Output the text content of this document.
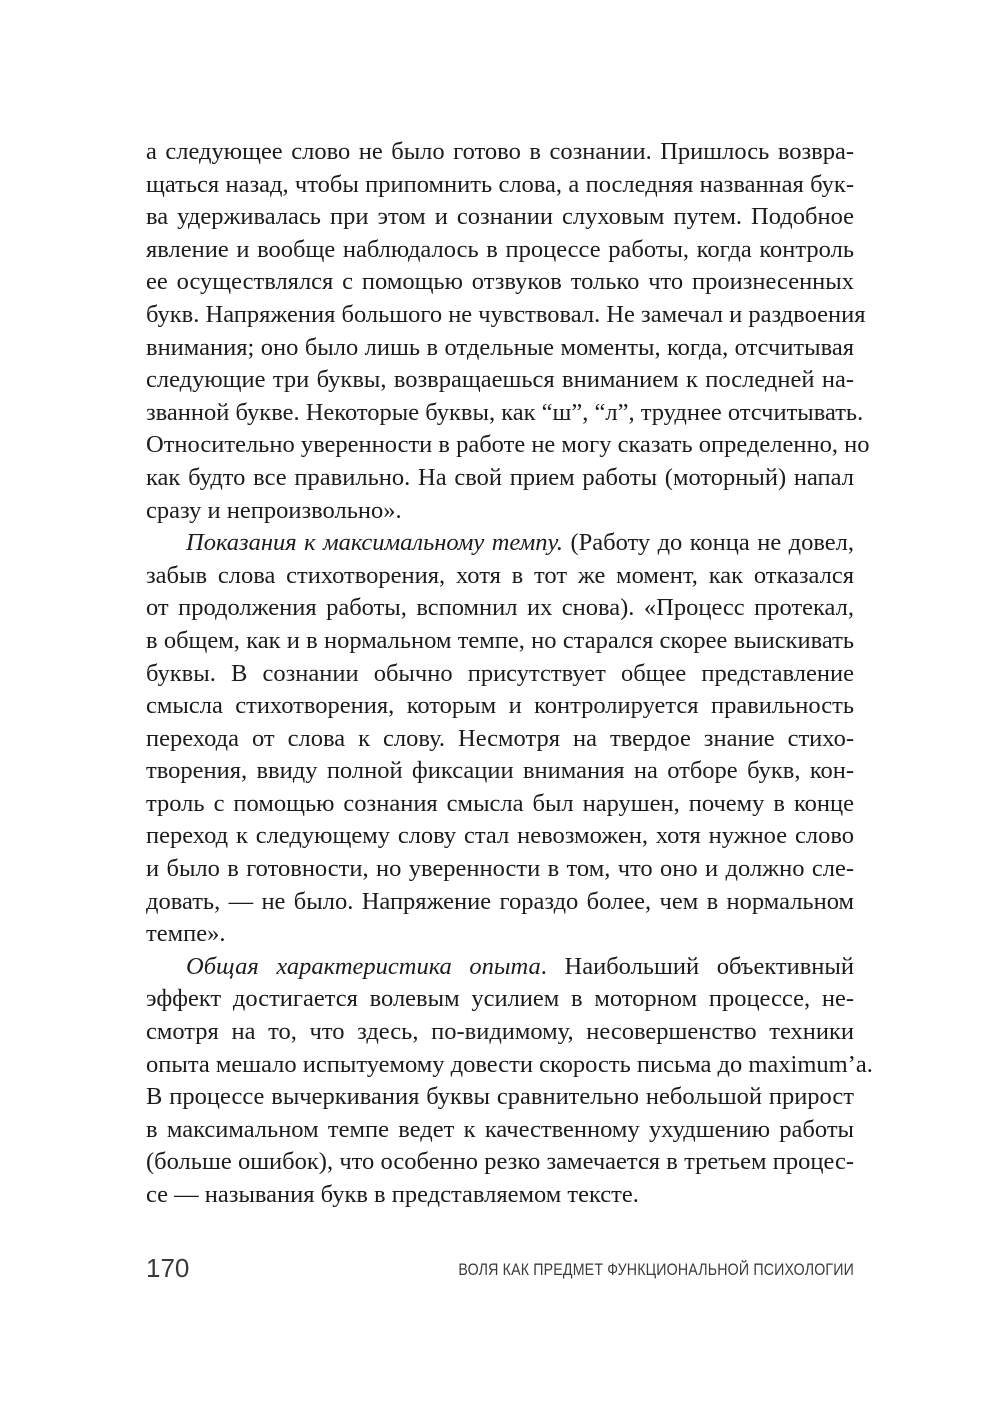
а следующее слово не было готово в сознании. Пришлось возвра-
щаться назад, чтобы припомнить слова, а последняя названная бук-
ва удерживалась при этом и сознании слуховым путем. Подобное
явление и вообще наблюдалось в процессе работы, когда контроль
ее осуществлялся с помощью отзвуков только что произнесенных
букв. Напряжения большого не чувствовал. Не замечал и раздвоения
внимания; оно было лишь в отдельные моменты, когда, отсчитывая
следующие три буквы, возвращаешься вниманием к последней на-
званной букве. Некоторые буквы, как “ш”, “л”, труднее отсчитывать.
Относительно уверенности в работе не могу сказать определенно, но
как будто все правильно. На свой прием работы (моторный) напал
сразу и непроизвольно».
Показания к максимальному темпу. (Работу до конца не довел,
забыв слова стихотворения, хотя в тот же момент, как отказался
от продолжения работы, вспомнил их снова). «Процесс протекал,
в общем, как и в нормальном темпе, но старался скорее выискивать
буквы. В сознании обычно присутствует общее представление
смысла стихотворения, которым и контролируется правильность
перехода от слова к слову. Несмотря на твердое знание стихо-
творения, ввиду полной фиксации внимания на отборе букв, кон-
троль с помощью сознания смысла был нарушен, почему в конце
переход к следующему слову стал невозможен, хотя нужное слово
и было в готовности, но уверенности в том, что оно и должно сле-
довать, — не было. Напряжение гораздо более, чем в нормальном
темпе».
Общая характеристика опыта. Наибольший объективный
эффект достигается волевым усилием в моторном процессе, не-
смотря на то, что здесь, по-видимому, несовершенство техники
опыта мешало испытуемому довести скорость письма до maximum’а.
В процессе вычеркивания буквы сравнительно небольшой прирост
в максимальном темпе ведет к качественному ухудшению работы
(больше ошибок), что особенно резко замечается в третьем процес-
се — называния букв в представляемом тексте.
170	ВОЛЯ КАК ПРЕДМЕТ ФУНКЦИОНАЛЬНОЙ ПСИХОЛОГИИ
